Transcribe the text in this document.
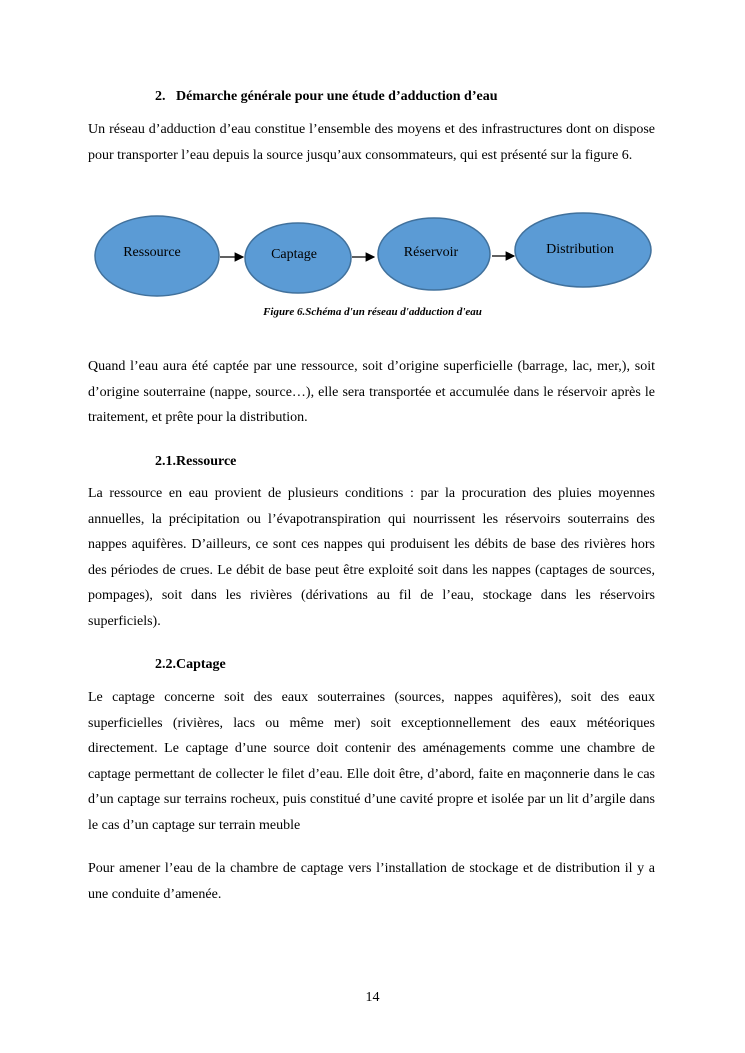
2. Démarche générale pour une étude d’adduction d’eau

Un réseau d’adduction d’eau constitue l’ensemble des moyens et des infrastructures dont on dispose pour transporter l’eau depuis la source jusqu’aux consommateurs, qui est présenté sur la figure 6.

Ressource	Captage	Réservoir	Distribution
Figure 6.Schéma d'un réseau d'adduction d'eau

Quand l’eau aura été captée par une ressource, soit d’origine superficielle (barrage, lac, mer,), soit d’origine souterraine (nappe, source…), elle sera transportée et accumulée dans le réservoir après le traitement, et prête pour la distribution.

2.1.Ressource

La ressource en eau provient de plusieurs conditions : par la procuration des pluies moyennes annuelles, la précipitation ou l’évapotranspiration qui nourrissent les réservoirs souterrains des nappes aquifères. D’ailleurs, ce sont ces nappes qui produisent les débits de base des rivières hors des périodes de crues. Le débit de base peut être exploité soit dans les nappes (captages de sources, pompages), soit dans les rivières (dérivations au fil de l’eau, stockage dans les réservoirs superficiels).

2.2.Captage

Le captage concerne soit des eaux souterraines (sources, nappes aquifères), soit des eaux superficielles (rivières, lacs ou même mer) soit exceptionnellement des eaux météoriques directement. Le captage d’une source doit contenir des aménagements comme une chambre de captage permettant de collecter le filet d’eau. Elle doit être, d’abord, faite en maçonnerie dans le cas d’un captage sur terrains rocheux, puis constitué d’une cavité propre et isolée par un lit d’argile dans le cas d’un captage sur terrain meuble

Pour amener l’eau de la chambre de captage vers l’installation de stockage et de distribution il y a une conduite d’amenée.

14
